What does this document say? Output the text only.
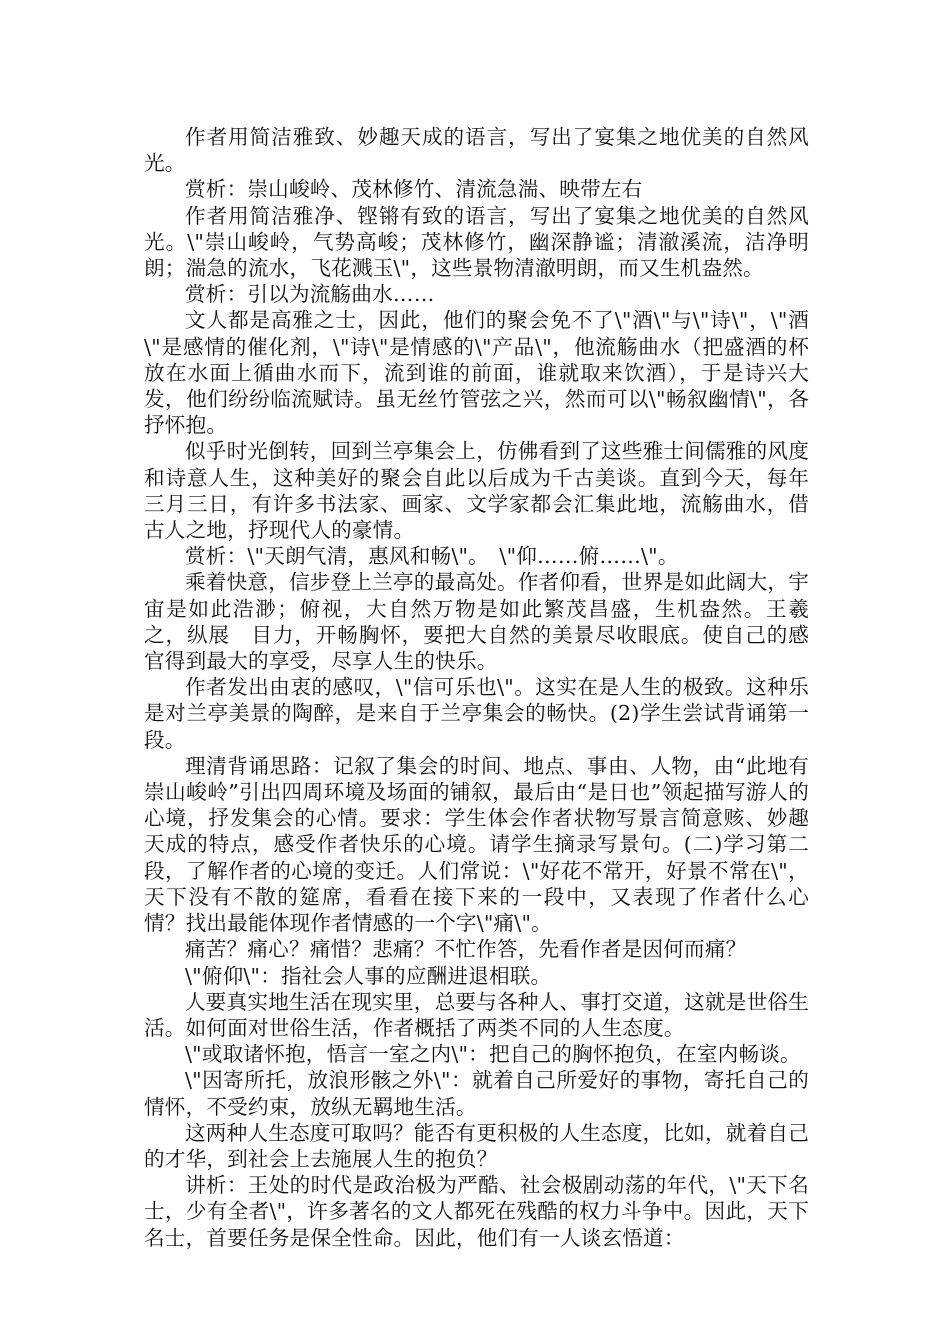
作者用简洁雅致、妙趣天成的语言，写出了宴集之地优美的自然风光。

赏析：崇山峻岭、茂林修竹、清流急湍、映带左右

作者用简洁雅净、铿锵有致的语言，写出了宴集之地优美的自然风光。\"崇山峻岭，气势高峻；茂林修竹，幽深静谧；清澈溪流，洁净明朗；湍急的流水，飞花溅玉\"，这些景物清澈明朗，而又生机盎然。

赏析：引以为流觞曲水……

文人都是高雅之士，因此，他们的聚会免不了\"酒\"与\"诗\"，\"酒\"是感情的催化剂，\"诗\"是情感的\"产品\"，他流觞曲水（把盛酒的杯放在水面上循曲水而下，流到谁的前面，谁就取来饮酒），于是诗兴大发，他们纷纷临流赋诗。虽无丝竹管弦之兴，然而可以\"畅叙幽情\"，各抒怀抱。

似乎时光倒转，回到兰亭集会上，仿佛看到了这些雅士间儒雅的风度和诗意人生，这种美好的聚会自此以后成为千古美谈。直到今天，每年三月三日，有许多书法家、画家、文学家都会汇集此地，流觞曲水，借古人之地，抒现代人的豪情。

赏析：\"天朗气清，惠风和畅\"。　\"仰……俯……\"。

乘着快意，信步登上兰亭的最高处。作者仰看，世界是如此阔大，宇宙是如此浩渺；俯视，大自然万物是如此繁茂昌盛，生机盎然。王羲之，纵展　目力，开畅胸怀，要把大自然的美景尽收眼底。使自己的感官得到最大的享受，尽享人生的快乐。

作者发出由衷的感叹，\"信可乐也\"。这实在是人生的极致。这种乐是对兰亭美景的陶醉，是来自于兰亭集会的畅快。(2)学生尝试背诵第一段。

理清背诵思路：记叙了集会的时间、地点、事由、人物，由“此地有崇山峻岭”引出四周环境及场面的铺叙，最后由“是日也”领起描写游人的心境，抒发集会的心情。要求：学生体会作者状物写景言简意赅、妙趣天成的特点，感受作者快乐的心境。请学生摘录写景句。(二)学习第二段，了解作者的心境的变迁。人们常说：\"好花不常开，好景不常在\"，天下没有不散的筵席，看看在接下来的一段中，又表现了作者什么心情？找出最能体现作者情感的一个字\"痛\"。

痛苦？痛心？痛惜？悲痛？不忙作答，先看作者是因何而痛？

\"俯仰\"：指社会人事的应酬进退相联。

人要真实地生活在现实里，总要与各种人、事打交道，这就是世俗生活。如何面对世俗生活，作者概括了两类不同的人生态度。

\"或取诸怀抱，悟言一室之内\"：把自己的胸怀抱负，在室内畅谈。

\"因寄所托，放浪形骸之外\"：就着自己所爱好的事物，寄托自己的情怀，不受约束，放纵无羁地生活。

这两种人生态度可取吗？能否有更积极的人生态度，比如，就着自己的才华，到社会上去施展人生的抱负？

讲析：王处的时代是政治极为严酷、社会极剧动荡的年代，\"天下名士，少有全者\"，许多著名的文人都死在残酷的权力斗争中。因此，天下名士，首要任务是保全性命。因此，他们有一人谈玄悟道：
